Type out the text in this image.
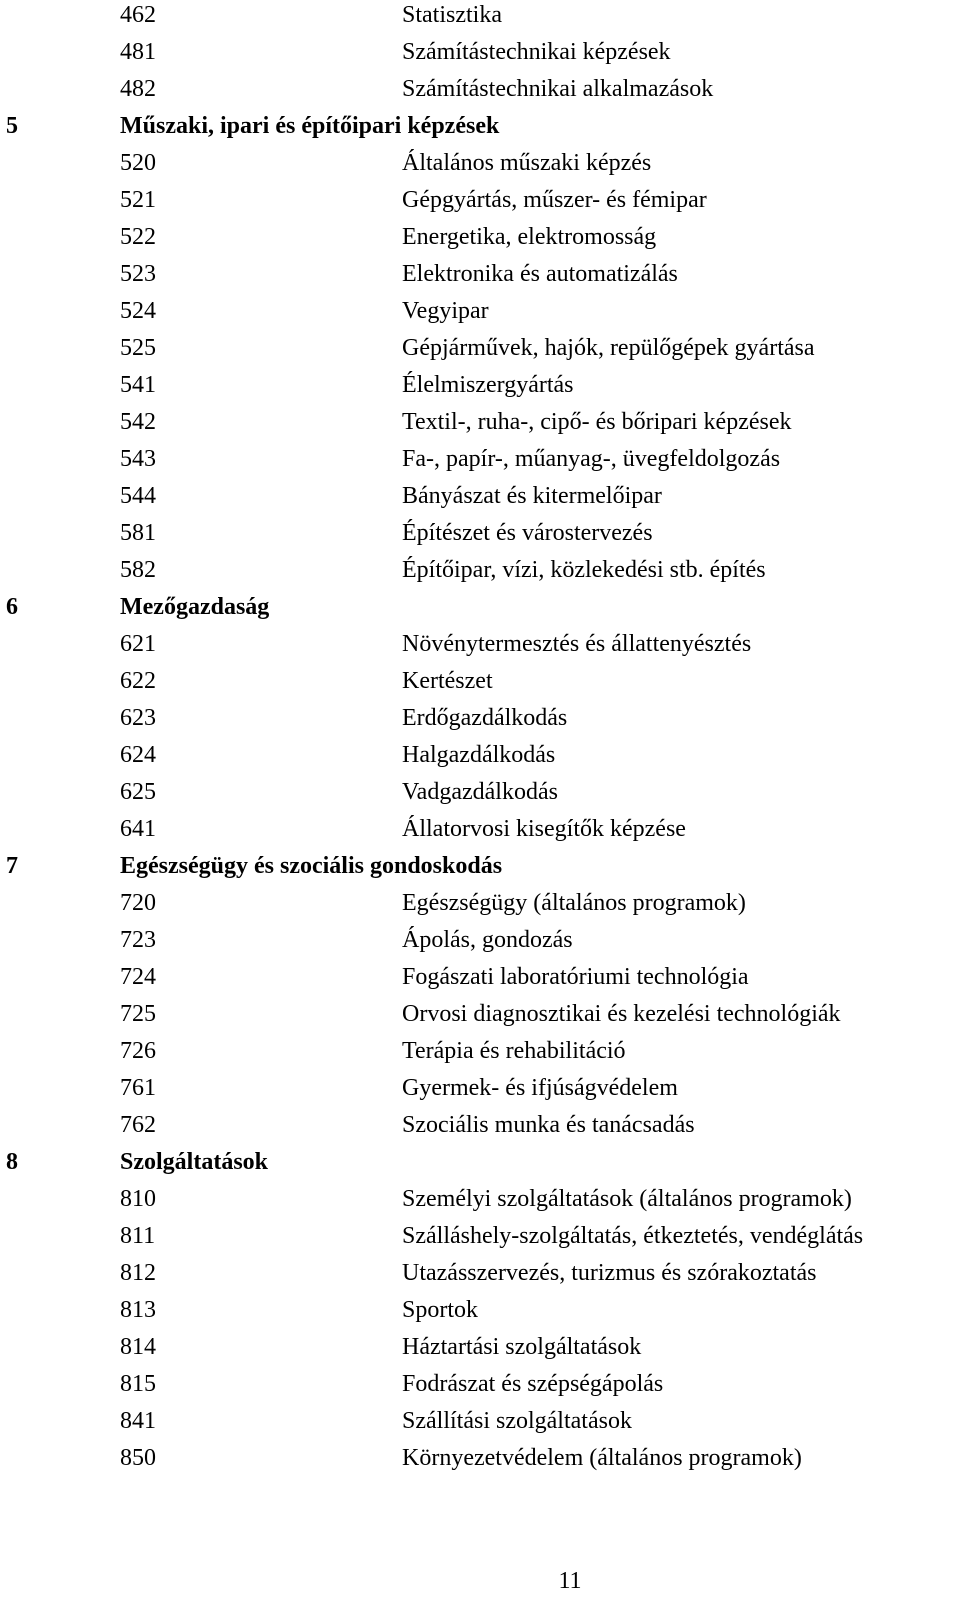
462	Statisztika
481	Számítástechnikai képzések
482	Számítástechnikai alkalmazások
5	Műszaki, ipari és építőipari képzések
520	Általános műszaki képzés
521	Gépgyártás, műszer- és fémipar
522	Energetika, elektromosság
523	Elektronika és automatizálás
524	Vegyipar
525	Gépjárművek, hajók, repülőgépek gyártása
541	Élelmiszergyártás
542	Textil-, ruha-, cipő- és bőripari képzések
543	Fa-, papír-, műanyag-, üvegfeldolgozás
544	Bányászat és kitermelőipar
581	Építészet és várostervezés
582	Építőipar, vízi, közlekedési stb. építés
6	Mezőgazdaság
621	Növénytermesztés és állattenyésztés
622	Kertészet
623	Erdőgazdálkodás
624	Halgazdálkodás
625	Vadgazdálkodás
641	Állatorvosi kisegítők képzése
7	Egészségügy és szociális gondoskodás
720	Egészségügy (általános programok)
723	Ápolás, gondozás
724	Fogászati laboratóriumi technológia
725	Orvosi diagnosztikai és kezelési technológiák
726	Terápia és rehabilitáció
761	Gyermek- és ifjúságvédelem
762	Szociális munka és tanácsadás
8	Szolgáltatások
810	Személyi szolgáltatások (általános programok)
811	Szálláshely-szolgáltatás, étkeztetés, vendéglátás
812	Utazásszervezés, turizmus és szórakoztatás
813	Sportok
814	Háztartási szolgáltatások
815	Fodrászat és szépségápolás
841	Szállítási szolgáltatások
850	Környezetvédelem (általános programok)
11
